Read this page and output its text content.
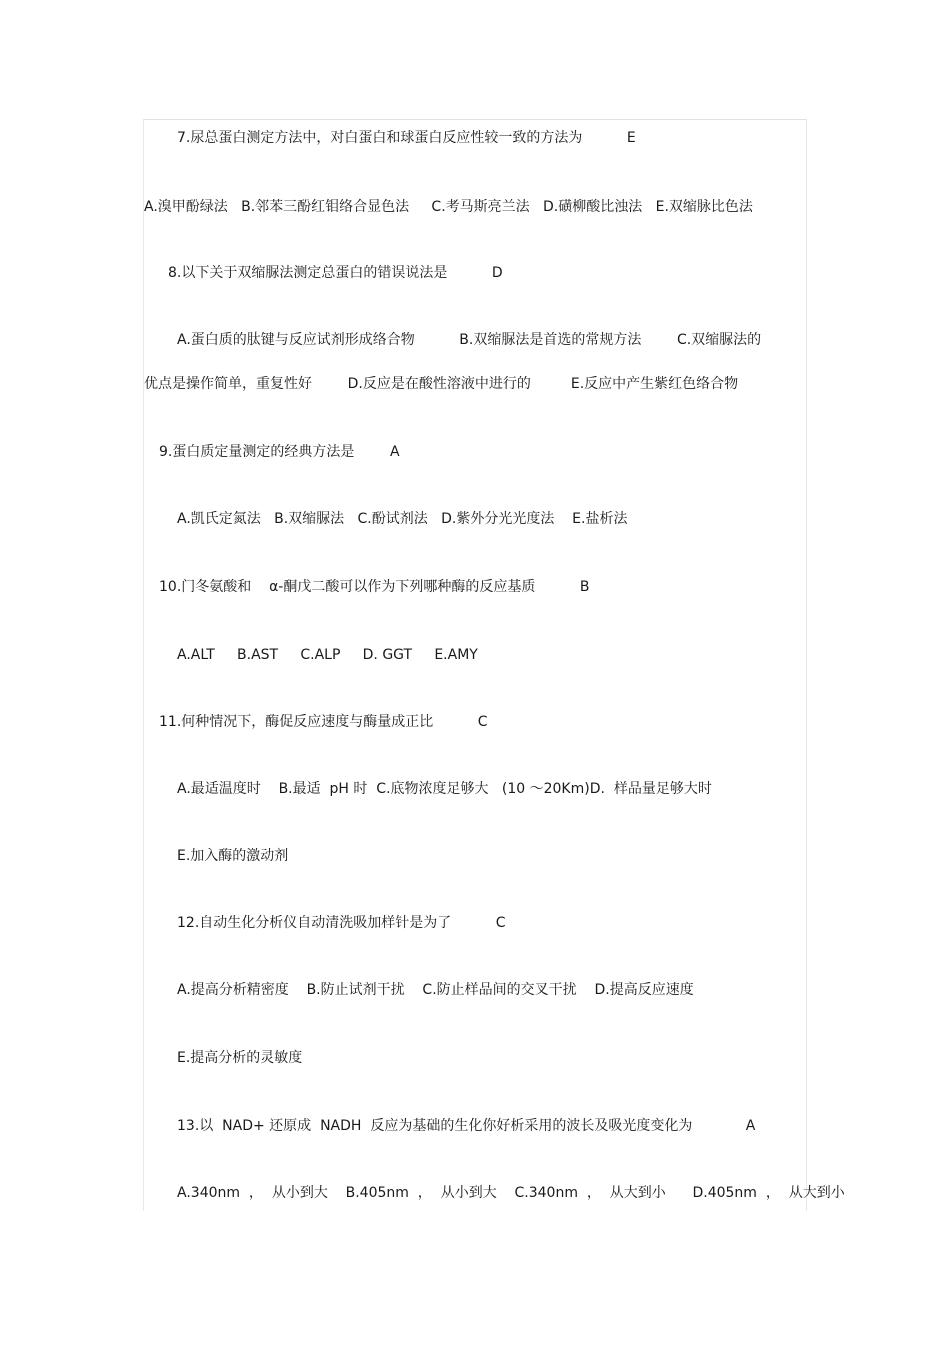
7.尿总蛋白测定方法中，对白蛋白和球蛋白反应性较一致的方法为          E
A.溴甲酚绿法   B.邻苯三酚红钼络合显色法     C.考马斯亮兰法   D.磺柳酸比浊法   E.双缩脉比色法
8.以下关于双缩脲法测定总蛋白的错误说法是          D
A.蛋白质的肽键与反应试剂形成络合物          B.双缩脲法是首选的常规方法        C.双缩脲法的
优点是操作简单，重复性好        D.反应是在酸性溶液中进行的         E.反应中产生紫红色络合物
9.蛋白质定量测定的经典方法是        A
A.凯氏定氮法   B.双缩脲法   C.酚试剂法   D.紫外分光光度法    E.盐析法
10.门冬氨酸和    α-酮戊二酸可以作为下列哪种酶的反应基质          B
A.ALT     B.AST     C.ALP     D. GGT     E.AMY
11.何种情况下，酶促反应速度与酶量成正比          C
A.最适温度时    B.最适  pH 时  C.底物浓度足够大   (10 ～20Km)D.  样品量足够大时
E.加入酶的激动剂
12.自动生化分析仪自动清洗吸加样针是为了          C
A.提高分析精密度    B.防止试剂干扰    C.防止样品间的交叉干扰    D.提高反应速度
E.提高分析的灵敏度
13.以  NAD+ 还原成  NADH  反应为基础的生化你好析采用的波长及吸光度变化为            A
A.340nm  ，  从小到大    B.405nm  ，  从小到大    C.340nm  ，  从大到小      D.405nm  ，  从大到小
